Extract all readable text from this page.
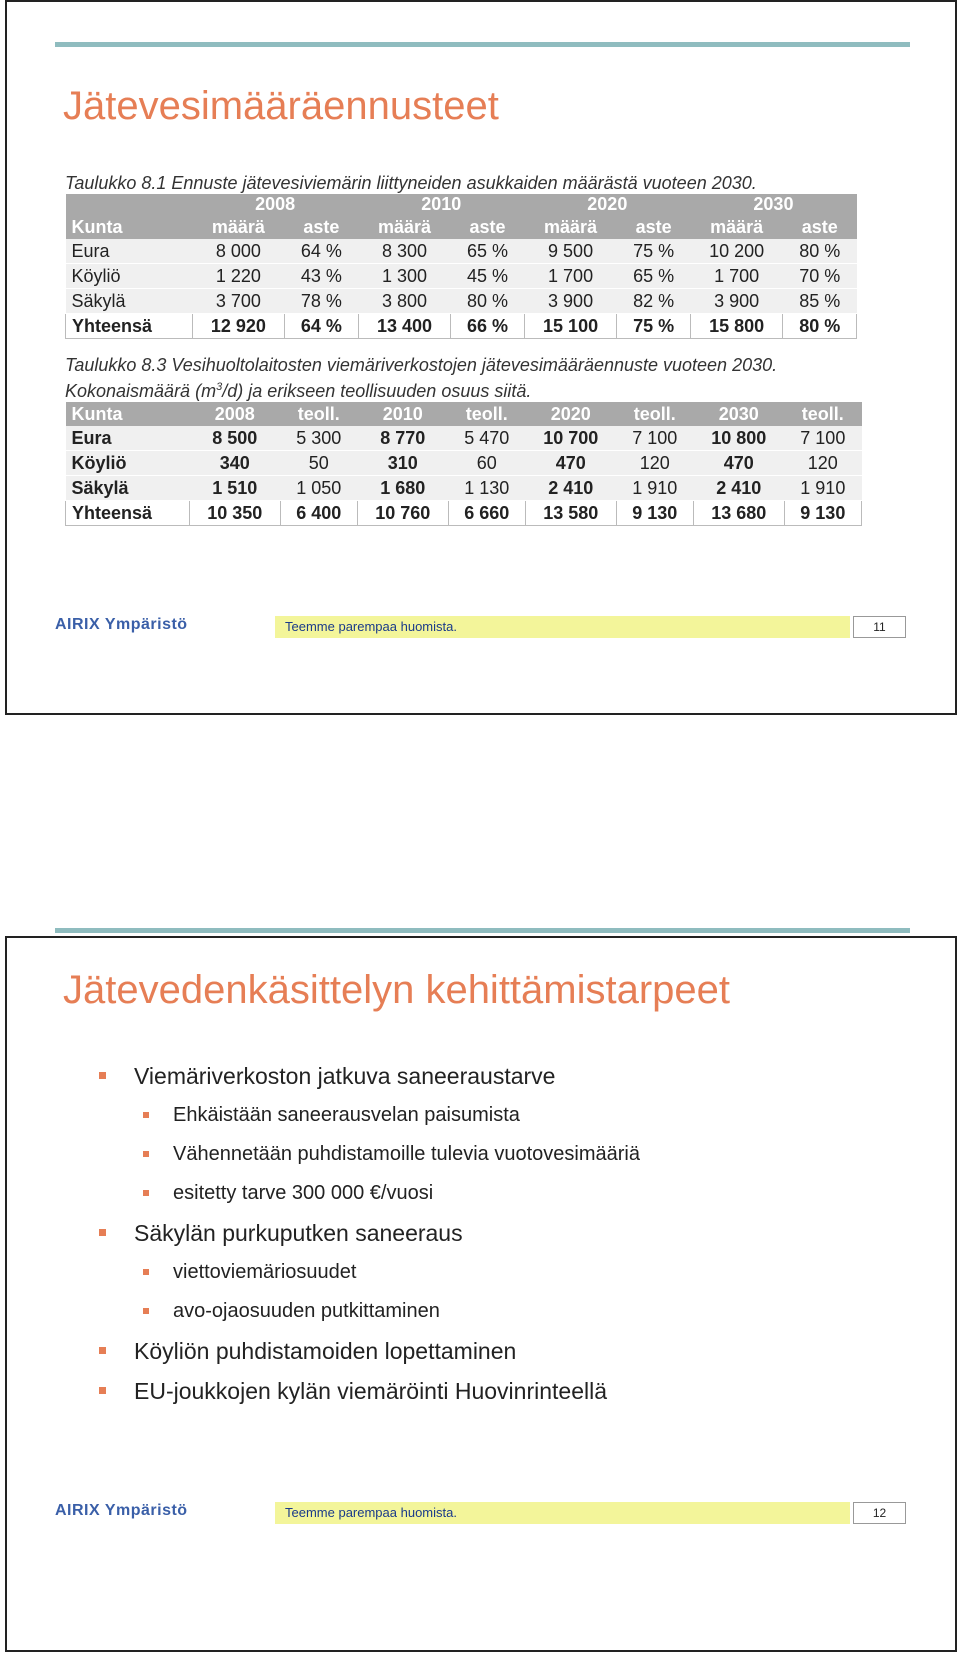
Jätevesimääräennusteet
Taulukko 8.1 Ennuste jätevesiviemärin liittyneiden asukkaiden määrästä vuoteen 2030.
	2008		2010		2020		2030	
Kunta	määrä	aste	määrä	aste	määrä	aste	määrä	aste
Eura	8 000	64 %	8 300	65 %	9 500	75 %	10 200	80 %
Köyliö	1 220	43 %	1 300	45 %	1 700	65 %	1 700	70 %
Säkylä	3 700	78 %	3 800	80 %	3 900	82 %	3 900	85 %
Yhteensä	12 920	64 %	13 400	66 %	15 100	75 %	15 800	80 %
Taulukko 8.3 Vesihuoltolaitosten viemäriverkostojen jätevesimääräennuste vuoteen 2030.
Kokonaismäärä $(m^3/d)$ ja erikseen teollisuuden osuus siitä.
Kunta	2008	teoll.	2010	teoll.	2020	teoll.	2030	teoll.
Eura	8 500	5 300	8 770	5 470	10 700	7 100	10 800	7 100
Köyliö	340	50	310	60	470	120	470	120
Säkylä	1 510	1 050	1 680	1 130	2 410	1 910	2 410	1 910
Yhteensä	10 350	6 400	10 760	6 660	13 580	9 130	13 680	9 130
AIRIX Ympäristö	Teemme parempaa huomista.	11
Jätevedenkäsittelyn kehittämistarpeet
Viemäriverkoston jatkuva saneeraustarve
Ehkäistään saneerausvelan paisumista
Vähennetään puhdistamoille tulevia vuotovesimääriä
esitetty tarve 300 000 €/vuosi
Säkylän purkuputken saneeraus
viettoviemäriosuudet
avo-ojaosuuden putkittaminen
Köyliön puhdistamoiden lopettaminen
EU-joukkojen kylän viemäröinti Huovinrinteellä
AIRIX Ympäristö	Teemme parempaa huomista.	12
